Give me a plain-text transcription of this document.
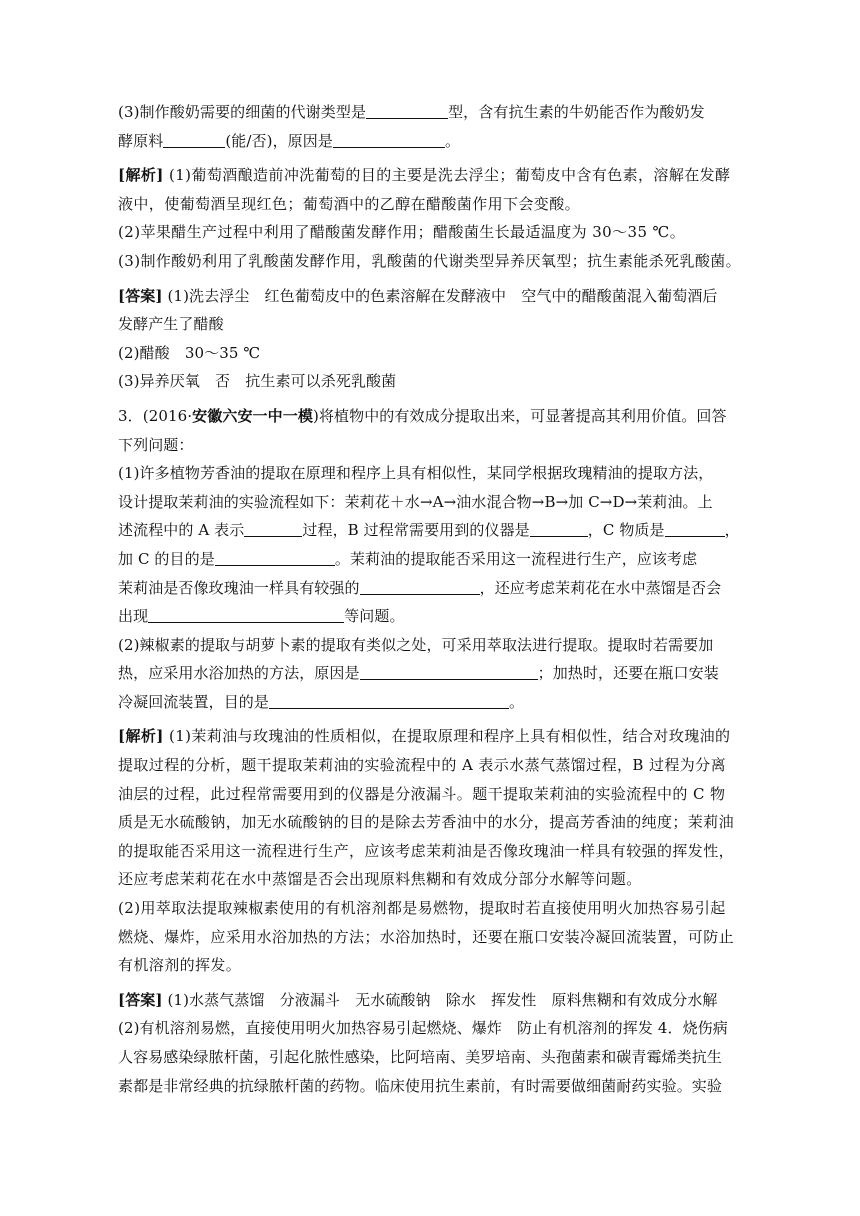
(3)制作酸奶需要的细菌的代谢类型是	型，含有抗生素的牛奶能否作为酸奶发
酵原料	(能/否)，原因是	。
[解析] (1)葡萄酒酿造前冲洗葡萄的目的主要是洗去浮尘；葡萄皮中含有色素，溶解在发酵
液中，使葡萄酒呈现红色；葡萄酒中的乙醇在醋酸菌作用下会变酸。
(2)苹果醋生产过程中利用了醋酸菌发酵作用；醋酸菌生长最适温度为 30～35 ℃。
(3)制作酸奶利用了乳酸菌发酵作用，乳酸菌的代谢类型异养厌氧型；抗生素能杀死乳酸菌。
[答案] (1)洗去浮尘　红色葡萄皮中的色素溶解在发酵液中　空气中的醋酸菌混入葡萄酒后
发酵产生了醋酸
(2)醋酸　30～35 ℃
(3)异养厌氧　否　抗生素可以杀死乳酸菌
3．(2016·安徽六安一中一模)将植物中的有效成分提取出来，可显著提高其利用价值。回答
下列问题：
(1)许多植物芳香油的提取在原理和程序上具有相似性，某同学根据玫瑰精油的提取方法，
设计提取茉莉油的实验流程如下：茉莉花＋水→A→油水混合物→B→加 C→D→茉莉油。上
述流程中的 A 表示	过程，B 过程常需要用到的仪器是	，C 物质是	，
加 C 的目的是	。茉莉油的提取能否采用这一流程进行生产，应该考虑
茉莉油是否像玫瑰油一样具有较强的	，还应考虑茉莉花在水中蒸馏是否会
出现	等问题。
(2)辣椒素的提取与胡萝卜素的提取有类似之处，可采用萃取法进行提取。提取时若需要加
热，应采用水浴加热的方法，原因是	；加热时，还要在瓶口安装
冷凝回流装置，目的是	。
[解析] (1)茉莉油与玫瑰油的性质相似，在提取原理和程序上具有相似性，结合对玫瑰油的
提取过程的分析，题干提取茉莉油的实验流程中的 A 表示水蒸气蒸馏过程，B 过程为分离
油层的过程，此过程常需要用到的仪器是分液漏斗。题干提取茉莉油的实验流程中的 C 物
质是无水硫酸钠，加无水硫酸钠的目的是除去芳香油中的水分，提高芳香油的纯度；茉莉油
的提取能否采用这一流程进行生产，应该考虑茉莉油是否像玫瑰油一样具有较强的挥发性，
还应考虑茉莉花在水中蒸馏是否会出现原料焦糊和有效成分部分水解等问题。
(2)用萃取法提取辣椒素使用的有机溶剂都是易燃物，提取时若直接使用明火加热容易引起
燃烧、爆炸，应采用水浴加热的方法；水浴加热时，还要在瓶口安装冷凝回流装置，可防止
有机溶剂的挥发。
[答案] (1)水蒸气蒸馏　分液漏斗　无水硫酸钠　除水　挥发性　原料焦糊和有效成分水解
(2)有机溶剂易燃，直接使用明火加热容易引起燃烧、爆炸　防止有机溶剂的挥发 4．烧伤病
人容易感染绿脓杆菌，引起化脓性感染，比阿培南、美罗培南、头孢菌素和碳青霉烯类抗生
素都是非常经典的抗绿脓杆菌的药物。临床使用抗生素前，有时需要做细菌耐药实验。实验
